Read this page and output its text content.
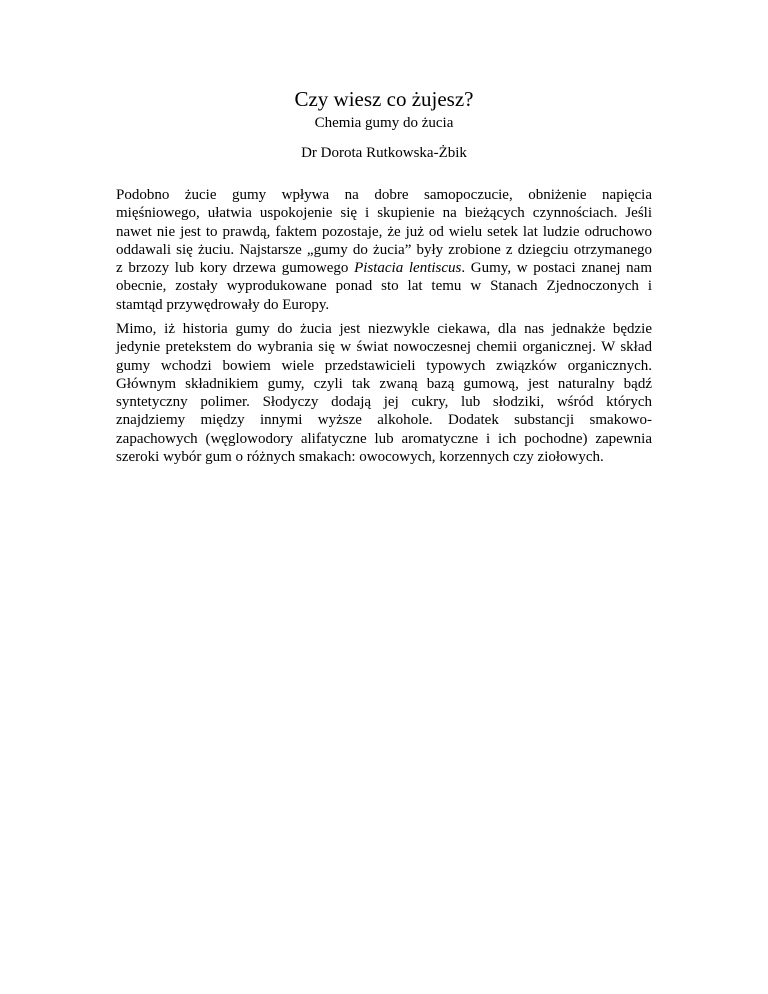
Czy wiesz co żujesz?

Chemia gumy do żucia

Dr Dorota Rutkowska-Żbik

Podobno żucie gumy wpływa na dobre samopoczucie, obniżenie napięcia
mięśniowego, ułatwia uspokojenie się i skupienie na bieżących czynnościach. Jeśli
nawet nie jest to prawdą, faktem pozostaje, że już od wielu setek lat ludzie odruchowo
oddawali się żuciu. Najstarsze „gumy do żucia” były zrobione z dziegciu otrzymanego
z brzozy lub kory drzewa gumowego Pistacia lentiscus. Gumy, w postaci znanej nam
obecnie, zostały wyprodukowane ponad sto lat temu w Stanach Zjednoczonych i
stamtąd przywędrowały do Europy.

Mimo, iż historia gumy do żucia jest niezwykle ciekawa, dla nas jednakże będzie
jedynie pretekstem do wybrania się w świat nowoczesnej chemii organicznej. W skład
gumy wchodzi bowiem wiele przedstawicieli typowych związków organicznych.
Głównym składnikiem gumy, czyli tak zwaną bazą gumową, jest naturalny bądź
syntetyczny polimer. Słodyczy dodają jej cukry, lub słodziki, wśród których
znajdziemy między innymi wyższe alkohole. Dodatek substancji smakowo-
zapachowych (węglowodory alifatyczne lub aromatyczne i ich pochodne) zapewnia
szeroki wybór gum o różnych smakach: owocowych, korzennych czy ziołowych.
